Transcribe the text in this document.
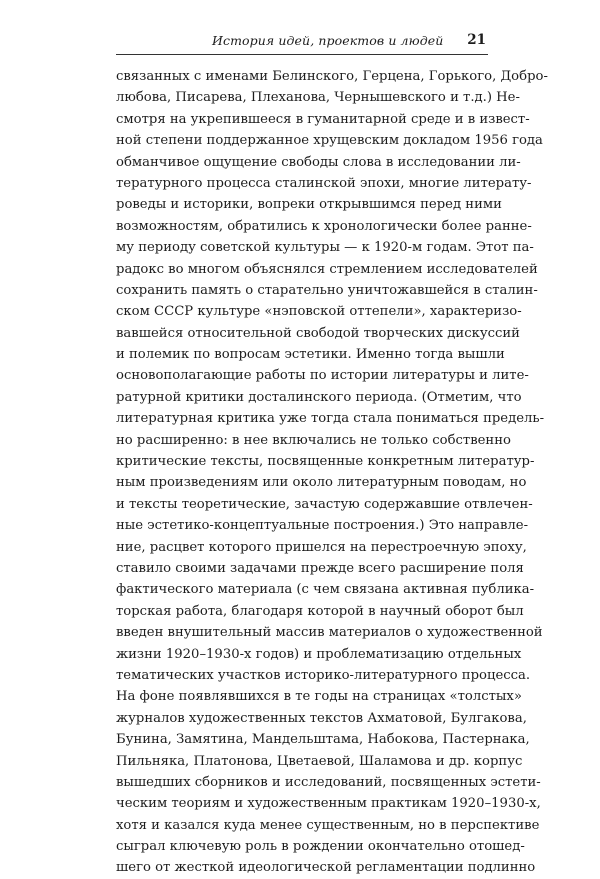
История идей, проектов и людей 21
связанных с именами Белинского, Герцена, Горького, Добро-
любова, Писарева, Плеханова, Чернышевского и т.д.) Не-
смотря на укрепившееся в гуманитарной среде и в извест-
ной степени поддержанное хрущевским докладом 1956 года
обманчивое ощущение свободы слова в исследовании ли-
тературного процесса сталинской эпохи, многие литерату-
роведы и историки, вопреки открывшимся перед ними
возможностям, обратились к хронологически более ранне-
му периоду советской культуры — к 1920-м годам. Этот па-
радокс во многом объяснялся стремлением исследователей
сохранить память о старательно уничтожавшейся в сталин-
ском СССР культуре «нэповской оттепели», характеризо-
вавшейся относительной свободой творческих дискуссий
и полемик по вопросам эстетики. Именно тогда вышли
основополагающие работы по истории литературы и лите-
ратурной критики досталинского периода. (Отметим, что
литературная критика уже тогда стала пониматься предель-
но расширенно: в нее включались не только собственно
критические тексты, посвященные конкретным литератур-
ным произведениям или около литературным поводам, но
и тексты теоретические, зачастую содержавшие отвлечен-
ные эстетико-концептуальные построения.) Это направле-
ние, расцвет которого пришелся на перестроечную эпоху,
ставило своими задачами прежде всего расширение поля
фактического материала (с чем связана активная публика-
торская работа, благодаря которой в научный оборот был
введен внушительный массив материалов о художественной
жизни 1920–1930-х годов) и проблематизацию отдельных
тематических участков историко-литературного процесса.
На фоне появлявшихся в те годы на страницах «толстых»
журналов художественных текстов Ахматовой, Булгакова,
Бунина, Замятина, Мандельштама, Набокова, Пастернака,
Пильняка, Платонова, Цветаевой, Шаламова и др. корпус
вышедших сборников и исследований, посвященных эстети-
ческим теориям и художественным практикам 1920–1930-х,
хотя и казался куда менее существенным, но в перспективе
сыграл ключевую роль в рождении окончательно отошед-
шего от жесткой идеологической регламентации подлинно
